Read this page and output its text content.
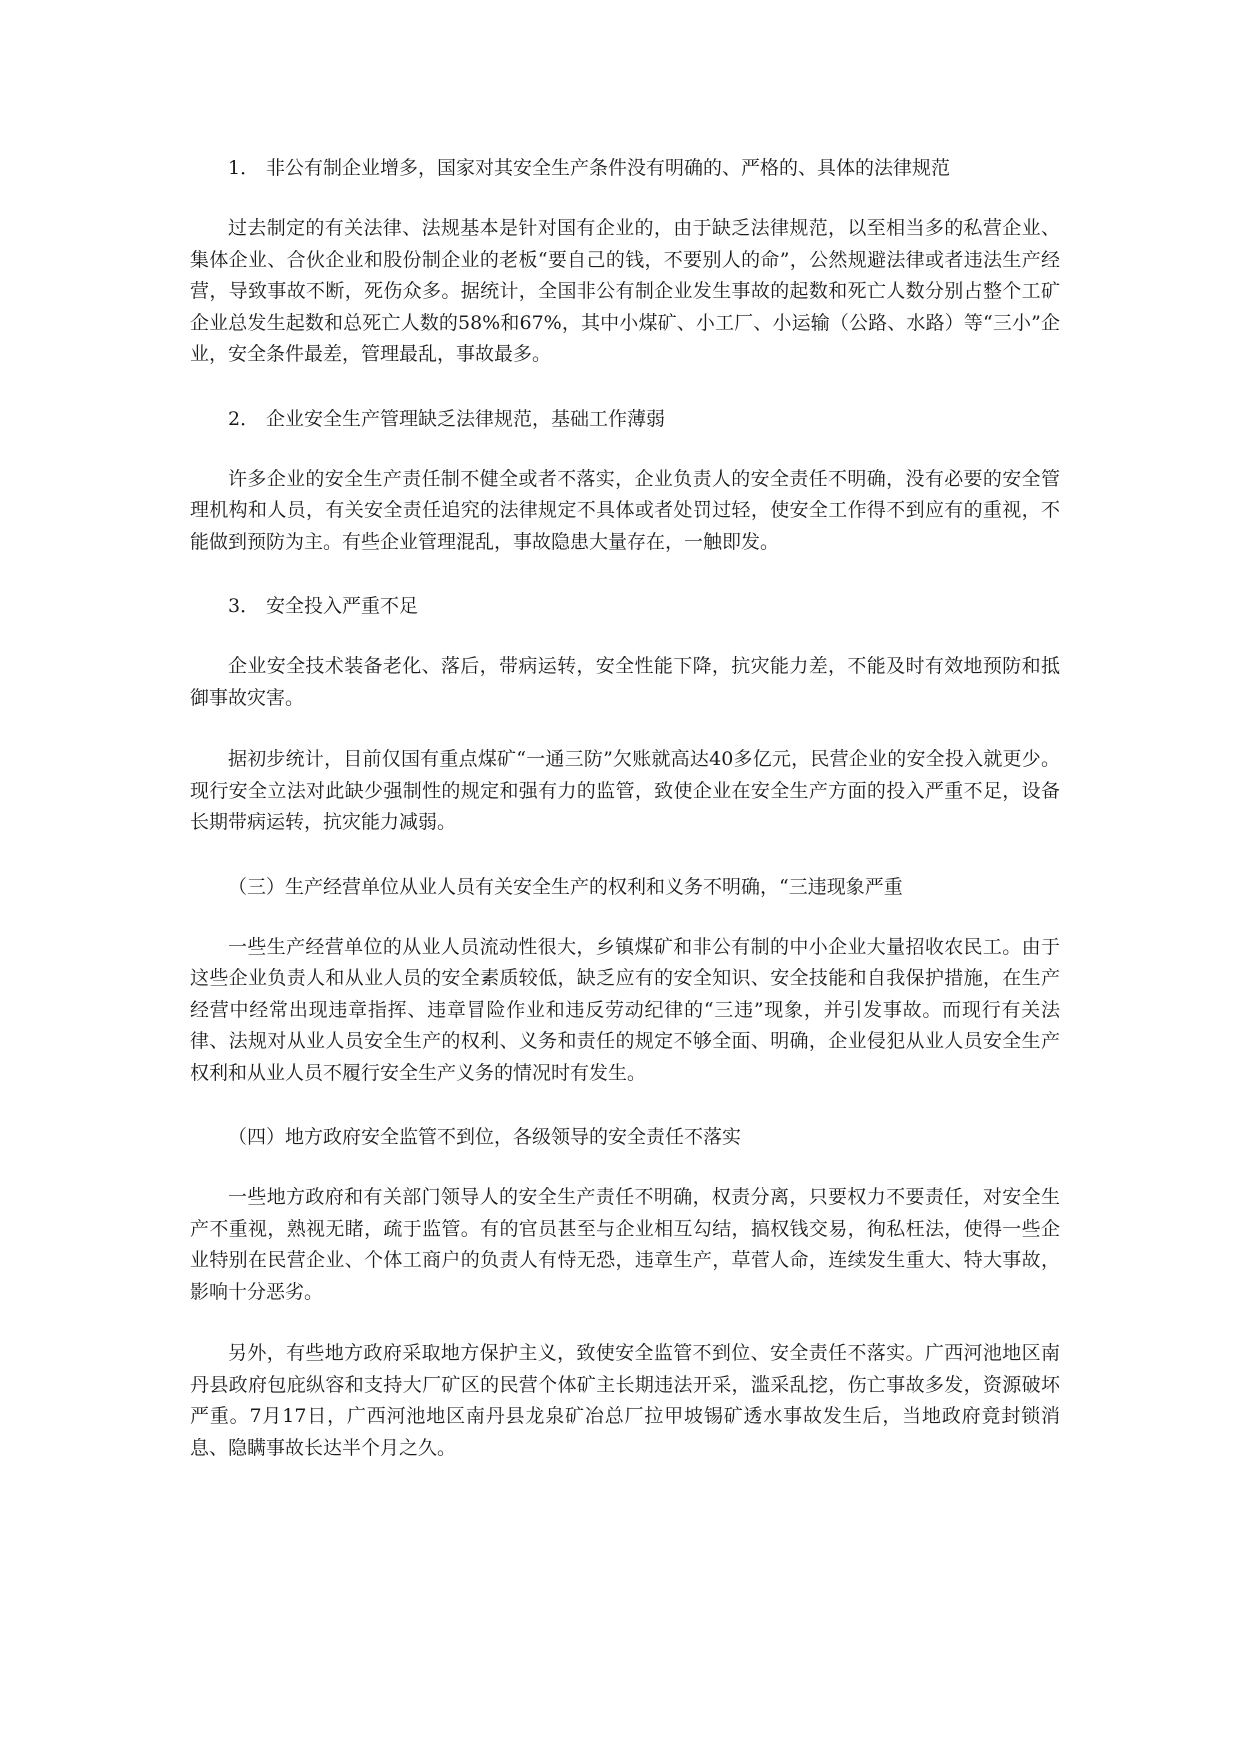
1． 非公有制企业增多，国家对其安全生产条件没有明确的、严格的、具体的法律规范

过去制定的有关法律、法规基本是针对国有企业的，由于缺乏法律规范，以至相当多的私营企业、集体企业、合伙企业和股份制企业的老板“要自己的钱，不要别人的命”，公然规避法律或者违法生产经营，导致事故不断，死伤众多。据统计，全国非公有制企业发生事故的起数和死亡人数分别占整个工矿企业总发生起数和总死亡人数的58%和67%，其中小煤矿、小工厂、小运输（公路、水路）等“三小”企业，安全条件最差，管理最乱，事故最多。

2． 企业安全生产管理缺乏法律规范，基础工作薄弱

许多企业的安全生产责任制不健全或者不落实，企业负责人的安全责任不明确，没有必要的安全管理机构和人员，有关安全责任追究的法律规定不具体或者处罚过轻，使安全工作得不到应有的重视，不能做到预防为主。有些企业管理混乱，事故隐患大量存在，一触即发。

3． 安全投入严重不足

企业安全技术装备老化、落后，带病运转，安全性能下降，抗灾能力差，不能及时有效地预防和抵御事故灾害。

据初步统计，目前仅国有重点煤矿“一通三防”欠账就高达40多亿元，民营企业的安全投入就更少。现行安全立法对此缺少强制性的规定和强有力的监管，致使企业在安全生产方面的投入严重不足，设备长期带病运转，抗灾能力减弱。

（三）生产经营单位从业人员有关安全生产的权利和义务不明确，“三违现象严重

一些生产经营单位的从业人员流动性很大，乡镇煤矿和非公有制的中小企业大量招收农民工。由于这些企业负责人和从业人员的安全素质较低，缺乏应有的安全知识、安全技能和自我保护措施，在生产经营中经常出现违章指挥、违章冒险作业和违反劳动纪律的“三违”现象，并引发事故。而现行有关法律、法规对从业人员安全生产的权利、义务和责任的规定不够全面、明确，企业侵犯从业人员安全生产权利和从业人员不履行安全生产义务的情况时有发生。

（四）地方政府安全监管不到位，各级领导的安全责任不落实

一些地方政府和有关部门领导人的安全生产责任不明确，权责分离，只要权力不要责任，对安全生产不重视，熟视无睹，疏于监管。有的官员甚至与企业相互勾结，搞权钱交易，徇私枉法，使得一些企业特别在民营企业、个体工商户的负责人有恃无恐，违章生产，草菅人命，连续发生重大、特大事故，影响十分恶劣。

另外，有些地方政府采取地方保护主义，致使安全监管不到位、安全责任不落实。广西河池地区南丹县政府包庇纵容和支持大厂矿区的民营个体矿主长期违法开采，滥采乱挖，伤亡事故多发，资源破坏严重。7月17日，广西河池地区南丹县龙泉矿冶总厂拉甲坡锡矿透水事故发生后，当地政府竟封锁消息、隐瞒事故长达半个月之久。
